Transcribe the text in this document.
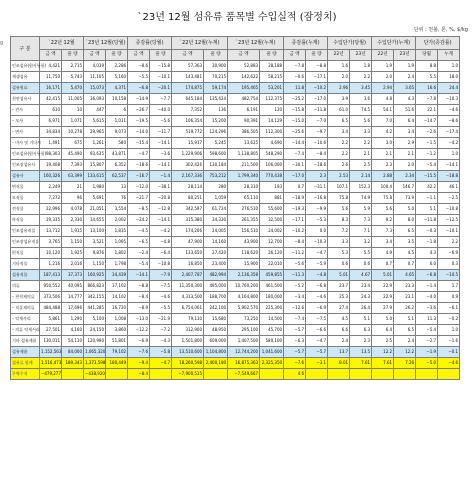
`23년 12월 섬유류 품목별 수입실적 (잠정치)
단위 : 천불, 톤, %, $/kg
g
구 분	`22년 12월		`23년 12월(당월)		증감률(당월)		`22년 12월(누계)		`23년 12월(누계)		증감률(누계)		수입단가(당월)		수입단가(누계)		단가(증감률)	
	금 액	물 량	금 액	물 량	금 액	물 량	금 액	물 량	금 액	물 량	금 액	물 량	22년	23년	22년	23년	당월	누계
인조섬유(원사통합)	4,421	2,715	4,039	2,286	−8.6	−15.8	57,363	30,900	52,883	28,188	−7.8	−8.8	1.6	1.8	1.9	1.9	8.8	1.0
재생섬유	11,750	5,743	11,105	5,160	−5.5	−10.1	143,481	70,215	142,622	58,215	−0.6	−17.1	2.0	2.2	2.0	2.4	5.5	18.0
섬유원료	16,171	5,470	15,073	4,371	−6.8	−20.1	174,875	59,174	195,465	53,201	11.8	−10.2	2.96	3.45	2.94	3.65	16.6	24.4
천연섬유사	42,415	11,005	36,093	10,158	−14.9	−7.7	645,184	135,424	482,754	112,375	−25.2	−17.0	3.9	3.6	4.8	4.3	−7.8	−10.3
– 견사	610	10	447	6	−26.7	−40.0	7,352	136	6,191	120	−15.8	−11.8	61.0	74.5	54.1	51.6	22.1	−4.6
– 모사	6,971	1,071	5,615	1,011	−19.5	−5.6	106,354	15,200	90,391	14,129	−15.0	−7.0	6.5	5.6	7.0	6.4	−14.7	−8.6
– 면사	34,834	10,278	29,965	9,073	−14.0	−11.7	519,772	124,296	386,505	112,300	−25.6	−9.7	3.4	3.3	4.2	3.4	−2.6	−17.4
– 마사 및 기타사	1,491	675	1,261	580	−15.4	−14.1	15,917	5,245	13,625	4,690	−14.4	−10.6	2.2	2.2	3.0	2.9	−1.5	−4.2
인조섬유(원사통합)	98,303	45,490	93,635	43,871	−4.7	−3.6	1,229,906	598,600	1,138,805	548,290	−7.4	−8.4	2.2	2.1	2.1	2.1	−1.2	1.0
인조장섬유사	19,408	7,393	15,807	6,352	−18.6	−14.1	302,426	130,184	211,500	106,000	−30.1	−18.6	2.6	2.5	2.3	2.0	−5.4	−14.1
섬유사	160,326	63,399	133,615	62,537	−16.7	−1.4	2,167,336	753,212	1,799,340	770,438	−17.0	2.3	2.53	2.14	2.88	2.34	−15.5	−18.8
면직물	2,249	21	1,980	13	−12.0	−38.1	28,114	280	28,310	193	0.7	−31.1	107.1	152.3	100.4	146.7	42.2	46.1
모직물	7,272	96	5,691	76	−21.7	−20.8	80,251	1,059	65,110	881	−18.9	−16.8	75.8	74.9	75.8	73.9	−1.1	−2.5
견직물	22,996	4,078	21,051	3,554	−8.5	−12.8	342,597	61,724	276,510	55,600	−19.3	−9.9	5.6	5.9	5.6	5.0	5.1	−10.8
마직물	19,335	2,330	14,655	2,002	−24.2	−14.1	315,380	34,330	261,355	32,500	−17.1	−5.3	8.3	7.3	9.2	8.0	−11.8	−12.5
인조섬유직물	13,712	1,915	13,100	1,835	−4.5	−4.2	174,206	24,005	156,510	24,002	−10.2	0.0	7.2	7.1	7.3	6.5	−0.3	−10.1
인조장섬유직물	3,765	1,150	3,521	1,095	−6.5	−4.8	47,900	14,160	43,900	12,700	−8.4	−10.3	3.3	3.2	3.4	3.5	−1.8	2.2
편직물	10,120	1,925	9,876	1,802	−2.4	−6.4	133,650	27,420	118,620	26,120	−11.2	−4.7	5.3	5.5	4.9	4.5	4.3	−6.9
기타직물	1,216	2,016	1,150	1,798	−5.4	−10.8	16,850	23,400	15,900	22,010	−5.6	−5.9	0.6	0.6	0.7	0.7	6.0	0.3
섬유직물	187,413	37,373	160,925	34,439	−14.1	−7.9	2,407,787	482,994	2,136,358	459,855	−11.3	−4.8	5.01	4.67	5.01	4.65	−6.8	−10.5
의류	950,552	40,095	866,823	37,102	−8.8	−7.5	11,350,300	495,000	10,760,200	461,500	−5.2	−6.8	23.7	23.4	22.9	23.3	−1.4	1.7
– 편직제의류	373,506	14,777	342,155	14,102	−8.4	−4.6	4,313,500	188,700	4,164,800	180,000	−3.4	−4.6	25.3	24.3	22.9	23.1	−4.0	0.9
– 직물제의류	484,488	17,696	441,285	16,720	−8.9	−5.5	6,754,061	242,100	5,902,570	225,300	−12.6	−6.9	27.4	26.4	27.9	26.2	−3.6	−6.1
– 악세사리	5,861	1,290	5,100	1,008	−13.0	−21.9	79,110	15,680	73,250	14,500	−7.4	−7.5	4.5	5.1	5.0	5.1	11.3	−0.2
– 의류 악세서리	27,501	4,160	24,150	3,860	−12.2	−7.2	312,900	48,950	295,100	45,700	−5.7	−6.6	6.6	6.3	6.4	6.5	−5.4	1.0
기타 섬유제품	130,011	54,110	120,990	51,801	−6.9	−4.3	1,501,800	609,000	1,407,500	580,100	−6.3	−4.7	2.4	2.3	2.5	2.4	−2.7	−1.6
섬유제품	1,152,563	84,000	1,065,320	79,102	−7.6	−5.8	13,510,600	1,104,800	12,744,200	1,041,600	−5.7	−5.7	13.7	13.5	12.2	12.2	−1.9	−0.1
섬유류 합계	1,516,473	189,343	1,373,598	180,449	−9.4	−4.7	18,260,598	2,400,180	16,875,363	2,325,350	−7.6	−3.1	8.01	7.61	7.61	7.26	−5.0	−4.6
무역수지	−479,277		−438,920		−8.4		−7,900,515		−7,549,667		4.6							
